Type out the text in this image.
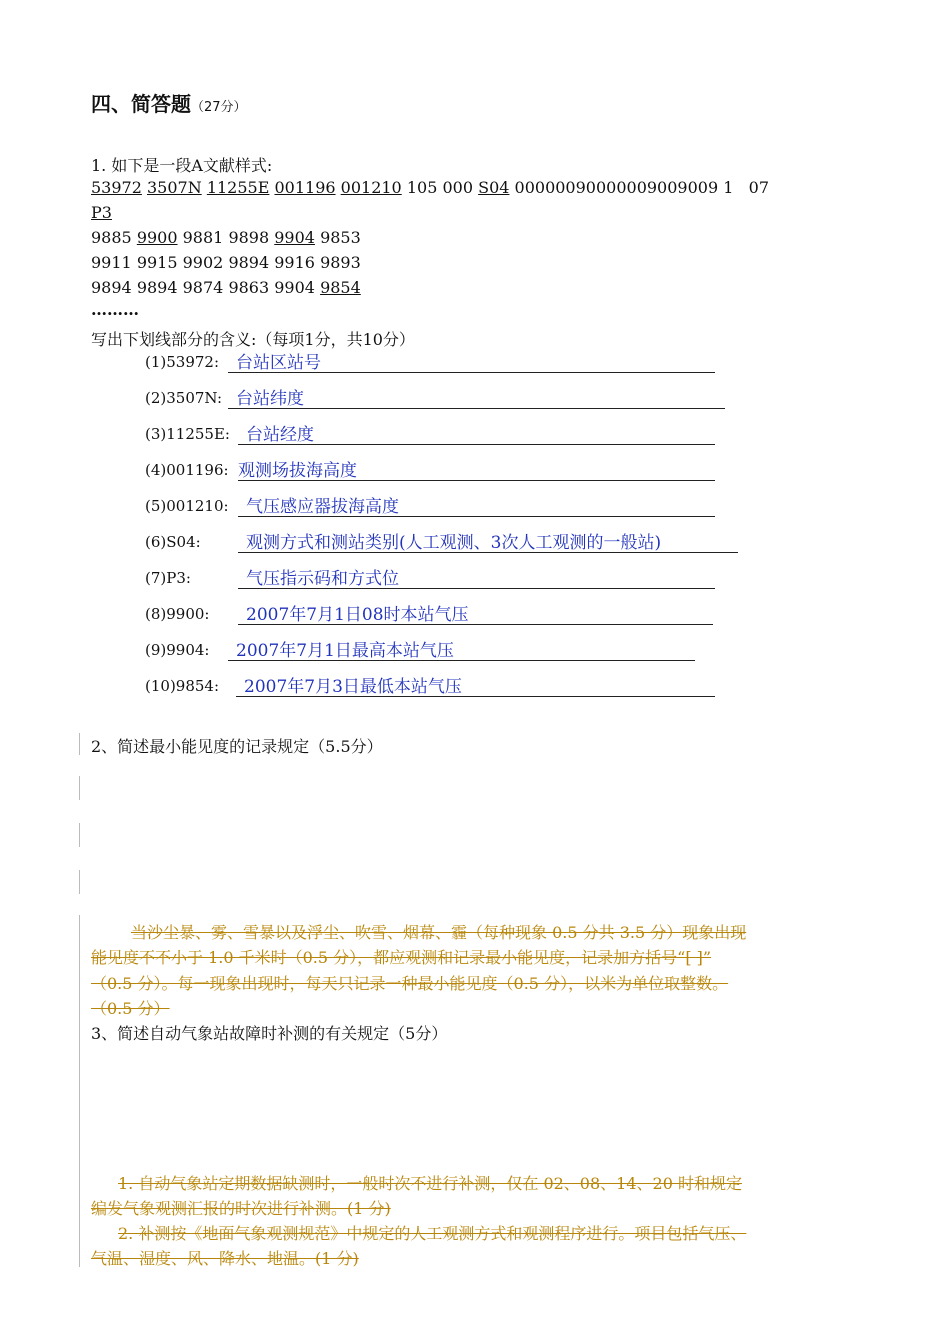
四、简答题（27分）
1. 如下是一段A文献样式:
53972 3507N 11255E 001196 001210 105 000 S04 00000090000009009009 1 07
P3
9885 9900 9881 9898 9904 9853
9911 9915 9902 9894 9916 9893
9894 9894 9874 9863 9904 9854
………
写出下划线部分的含义:（每项1分，共10分）
(1)53972: 台站区站号
(2)3507N: 台站纬度
(3)11255E: 台站经度
(4)001196: 观测场拔海高度
(5)001210: 气压感应器拔海高度
(6)S04:	观测方式和测站类别(人工观测、3次人工观测的一般站)
(7)P3:	气压指示码和方式位
(8)9900: 2007年7月1日08时本站气压
(9)9904: 2007年7月1日最高本站气压
(10)9854: 2007年7月3日最低本站气压
2、简述最小能见度的记录规定（5.5分）
当沙尘暴、雾、雪暴以及浮尘、吹雪、烟幕、霾（每种现象 0.5 分共 3.5 分）现象出现
能见度不不小于 1.0 千米时（0.5 分），都应观测和记录最小能见度，记录加方括号“[ ]”
（0.5 分）。每一现象出现时，每天只记录一种最小能见度（0.5 分），以米为单位取整数。
（0.5 分）
3、简述自动气象站故障时补测的有关规定（5分）
1. 自动气象站定期数据缺测时，一般时次不进行补测，仅在 02、08、14、20 时和规定
编发气象观测汇报的时次进行补测。(1 分)
2. 补测按《地面气象观测规范》中规定的人工观测方式和观测程序进行。项目包括气压、
气温、湿度、风、降水、地温。(1 分)
